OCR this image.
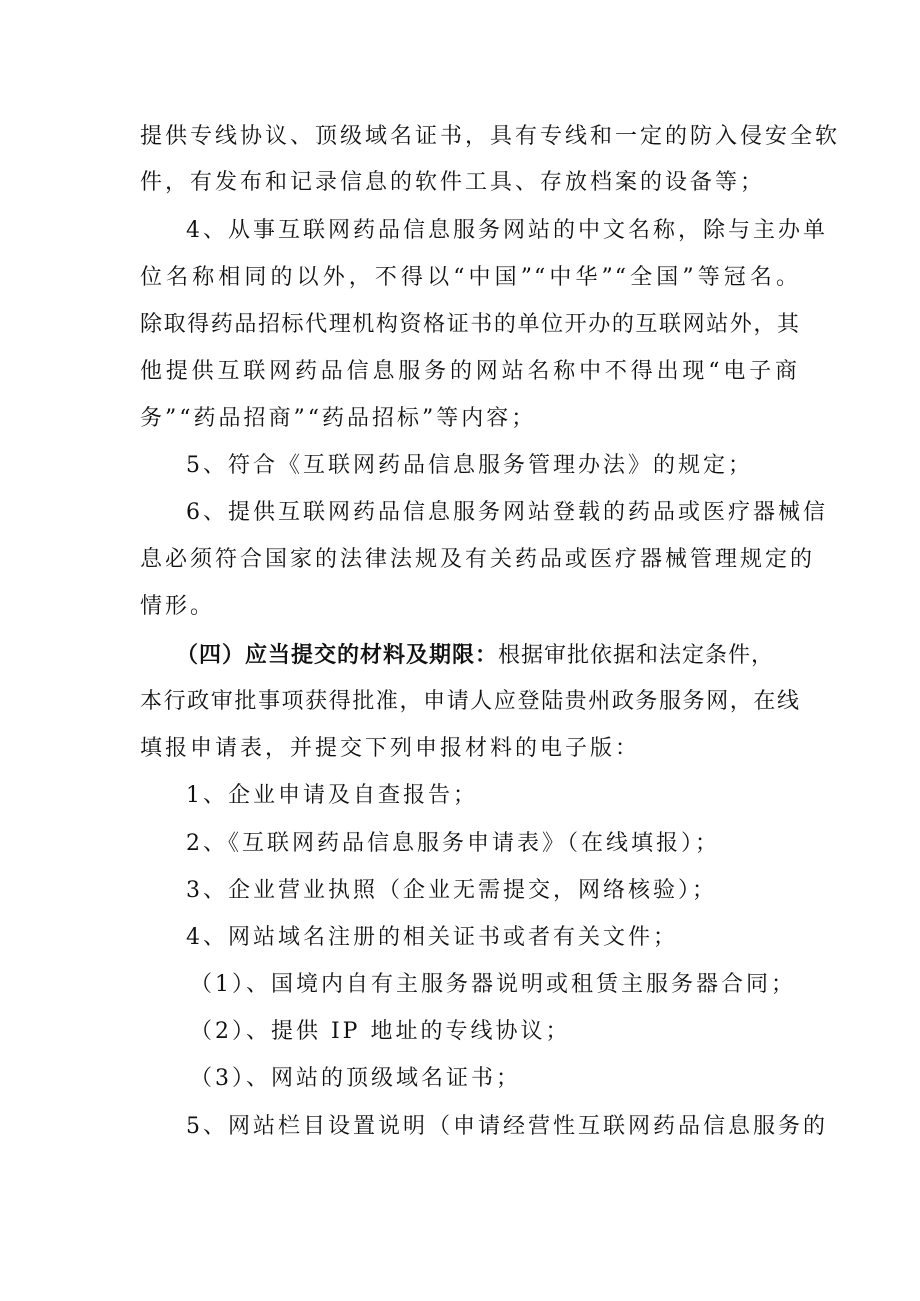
提供专线协议、顶级域名证书，具有专线和一定的防入侵安全软
件，有发布和记录信息的软件工具、存放档案的设备等；
4、从事互联网药品信息服务网站的中文名称，除与主办单
位名称相同的以外，不得以“中国”“中华”“全国”等冠名。
除取得药品招标代理机构资格证书的单位开办的互联网站外，其
他提供互联网药品信息服务的网站名称中不得出现“电子商
务”“药品招商”“药品招标”等内容；
5、符合《互联网药品信息服务管理办法》的规定；
6、提供互联网药品信息服务网站登载的药品或医疗器械信
息必须符合国家的法律法规及有关药品或医疗器械管理规定的
情形。
（四）应当提交的材料及期限：根据审批依据和法定条件，
本行政审批事项获得批准，申请人应登陆贵州政务服务网，在线
填报申请表，并提交下列申报材料的电子版：
1、企业申请及自查报告；
2、《互联网药品信息服务申请表》（在线填报）；
3、企业营业执照（企业无需提交，网络核验）；
4、网站域名注册的相关证书或者有关文件；
（1）、国境内自有主服务器说明或租赁主服务器合同；
（2）、提供 IP 地址的专线协议；
（3）、网站的顶级域名证书；
5、网站栏目设置说明（申请经营性互联网药品信息服务的
